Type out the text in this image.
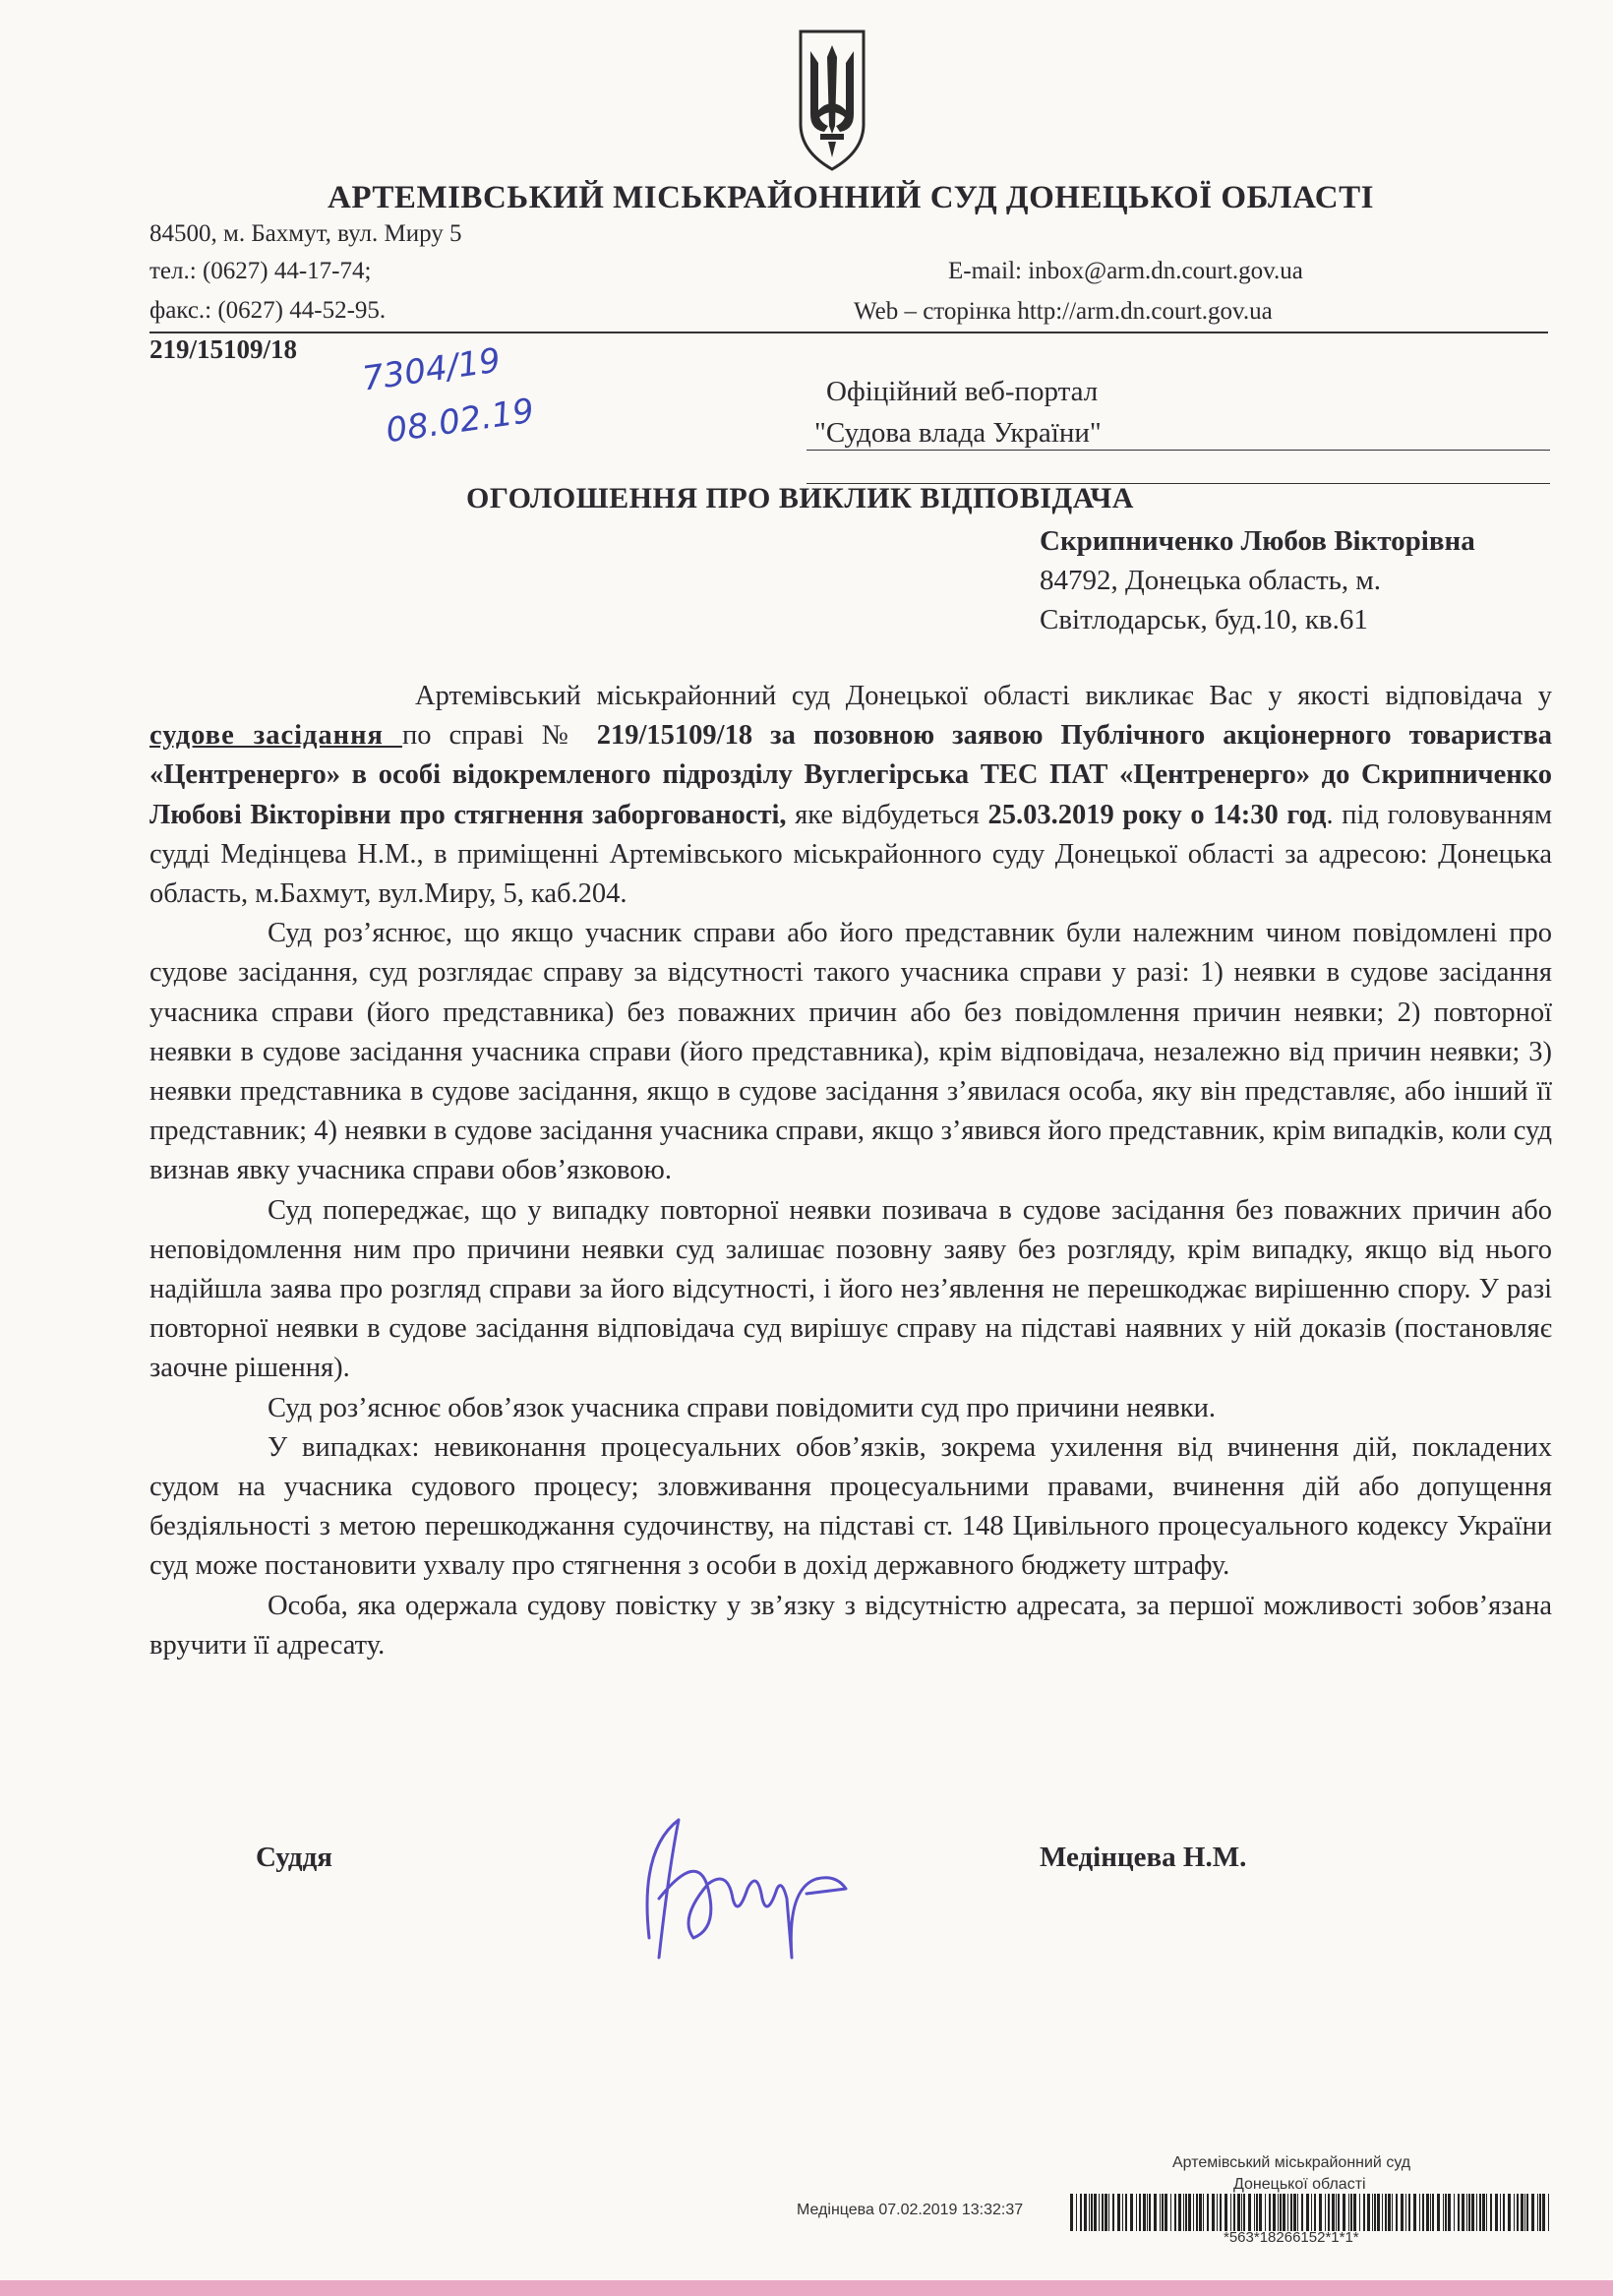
АРТЕМІВСЬКИЙ МІСЬКРАЙОННИЙ СУД ДОНЕЦЬКОЇ ОБЛАСТІ
84500, м. Бахмут, вул. Миру 5
тел.: (0627) 44-17-74;
факс.: (0627) 44-52-95.
E-mail: inbox@arm.dn.court.gov.ua
Web – сторінка http://arm.dn.court.gov.ua
219/15109/18 7304/19
08.02.19	Офіційний веб-портал
"Судова влада України"
ОГОЛОШЕННЯ ПРО ВИКЛИК ВІДПОВІДАЧА
Скрипниченко Любов Вікторівна
84792, Донецька область, м.
Світлодарськ, буд.10, кв.61

Артемівський міськрайонний суд Донецької області викликає Вас у якості відповідача у судове засідання по справі № 219/15109/18 за позовною заявою Публічного акціонерного товариства «Центренерго» в особі відокремленого підрозділу Вуглегірська ТЕС ПАТ «Центренерго» до Скрипниченко Любові Вікторівни про стягнення заборгованості, яке відбудеться 25.03.2019 року о 14:30 год. під головуванням судді Медінцева Н.М., в приміщенні Артемівського міськрайонного суду Донецької області за адресою: Донецька область, м.Бахмут, вул.Миру, 5, каб.204.

Суд роз’яснює, що якщо учасник справи або його представник були належним чином повідомлені про судове засідання, суд розглядає справу за відсутності такого учасника справи у разі: 1) неявки в судове засідання учасника справи (його представника) без поважних причин або без повідомлення причин неявки; 2) повторної неявки в судове засідання учасника справи (його представника), крім відповідача, незалежно від причин неявки; 3) неявки представника в судове засідання, якщо в судове засідання з’явилася особа, яку він представляє, або інший її представник; 4) неявки в судове засідання учасника справи, якщо з’явився його представник, крім випадків, коли суд визнав явку учасника справи обов’язковою.

Суд попереджає, що у випадку повторної неявки позивача в судове засідання без поважних причин або неповідомлення ним про причини неявки суд залишає позовну заяву без розгляду, крім випадку, якщо від нього надійшла заява про розгляд справи за його відсутності, і його нез’явлення не перешкоджає вирішенню спору. У разі повторної неявки в судове засідання відповідача суд вирішує справу на підставі наявних у ній доказів (постановляє заочне рішення).

Суд роз’яснює обов’язок учасника справи повідомити суд про причини неявки.

У випадках: невиконання процесуальних обов’язків, зокрема ухилення від вчинення дій, покладених судом на учасника судового процесу; зловживання процесуальними правами, вчинення дій або допущення бездіяльності з метою перешкоджання судочинству, на підставі ст. 148 Цивільного процесуального кодексу України суд може постановити ухвалу про стягнення з особи в дохід державного бюджету штрафу.

Особа, яка одержала судову повістку у зв’язку з відсутністю адресата, за першої можливості зобов’язана вручити її адресату.

Суддя	Медінцева Н.М.
Артемівський міськрайонний суд
Донецької області
Медінцева 07.02.2019 13:32:37
*563*18266152*1*1*
